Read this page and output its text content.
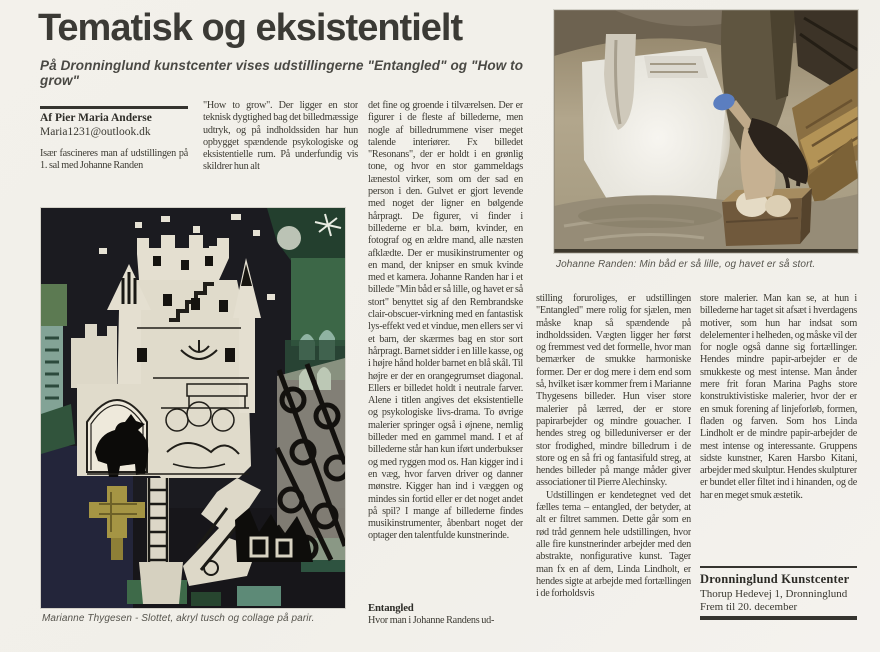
Tematisk og eksistentielt
På Dronninglund kunstcenter vises udstillingerne "Entangled" og "How to grow"
Af Pier Maria Anderse
Maria1231@outlook.dk
Især fascineres man af udstillingen på 1. sal med Johanne Randen
Marianne Thygesen - Slottet, akryl tusch og collage på parir.
"How to grow". Der ligger en stor teknisk dygtighed bag det billedmæssige udtryk, og på indholdssiden har hun opbygget spændende psykologiske og eksistentielle rum. På underfundig vis skildrer hun alt
det fine og groende i tilværelsen. Der er figurer i de fleste af billederne, men nogle af billedrummene viser meget talende interiører. Fx billedet "Resonans", der er holdt i en grønlig tone, og hvor en stor gammeldags lænestol virker, som om der sad en person i den. Gulvet er gjort levende med noget der ligner en bølgende hårpragt. De figurer, vi finder i billederne er bl.a. børn, kvinder, en fotograf og en ældre mand, alle næsten afklædte. Der er musikinstrumenter og en mand, der knipser en smuk kvinde med et kamera. Johanne Randen har i et billede "Min båd er så lille, og havet er så stort" benyttet sig af den Rembrandske clair-obscuer-virkning med en fantastisk lys-effekt ved et vindue, men ellers ser vi et barn, der skærmes bag en stor sort hårpragt. Barnet sidder i en lille kasse, og i højre hånd holder barnet en blå skål. Til højre er der en orangegrumset diagonal. Ellers er billedet holdt i neutrale farver. Alene i titlen angives det eksistentielle og psykologiske livs-drama. To øvrige malerier springer også i øjnene, nemlig billeder med en gammel mand. I et af billederne står han kun iført underbukser og med ryggen mod os. Han kigger ind i en væg, hvor farven driver og danner mønstre. Kigger han ind i væggen og mindes sin fortid eller er det noget andet på spil? I mange af billederne findes musikinstrumenter, åbenbart noget der optager den talentfulde kunstnerinde.
Entangled
Hvor man i Johanne Randens ud-
Johanne Randen: Min båd er så lille, og havet er så stort.
stilling foruroliges, er udstillingen "Entangled" mere rolig for sjælen, men måske knap så spændende på indholdssiden. Vægten ligger her først og fremmest ved det formelle, hvor man bemærker de smukke harmoniske former. Der er dog mere i dem end som så, hvilket især kommer frem i Marianne Thygesens billeder. Hun viser store malerier på lærred, der er store papirarbejder og mindre gouacher. I hendes streg og billeduniverser er der stor frodighed, mindre billedrum i de store og en så fri og fantasifuld streg, at hendes billeder på mange måder giver associationer til Pierre Alechinsky.
Udstillingen er kendetegnet ved det fælles tema – entangled, der betyder, at alt er filtret sammen. Dette går som en rød tråd gennem hele udstillingen, hvor alle fire kunstnerinder arbejder med den abstrakte, nonfigurative kunst. Tager man fx en af dem, Linda Lindholt, er hendes sigte at arbejde med fortællingen i de forholdsvis
store malerier. Man kan se, at hun i billederne har taget sit afsæt i hverdagens motiver, som hun har indsat som delelementer i helheden, og måske vil der for nogle også danne sig fortællinger. Hendes mindre papir-arbejder er de smukkeste og mest intense. Man ånder mere frit foran Marina Paghs store konstruktivistiske malerier, hvor der er en smuk forening af linjeforløb, formen, fladen og farven. Som hos Linda Lindholt er de mindre papir-arbejder de mest intense og interessante. Gruppens sidste kunstner, Karen Harsbo Kitani, arbejder med skulptur. Hendes skulpturer er bundet eller filtet ind i hinanden, og de har en meget smuk æstetik.
Dronninglund Kunstcenter
Thorup Hedevej 1, Dronninglund
Frem til 20. december
